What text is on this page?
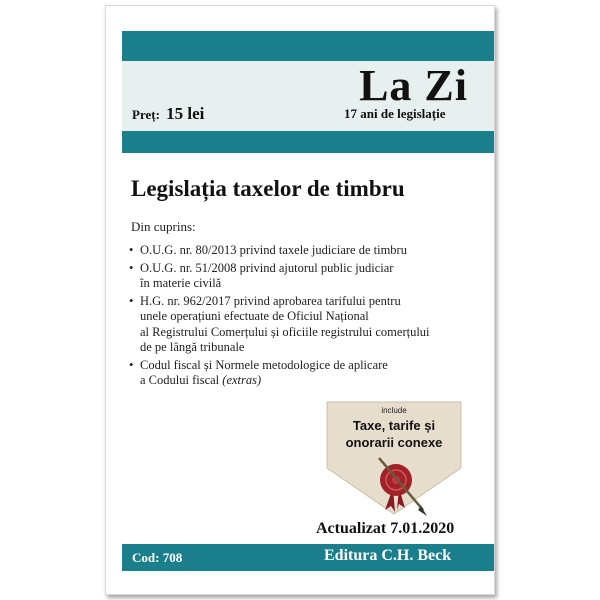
La Zi
17 ani de legislație
Preț: 15 lei
Legislația taxelor de timbru
Din cuprins:
• O.U.G. nr. 80/2013 privind taxele judiciare de timbru
• O.U.G. nr. 51/2008 privind ajutorul public judiciar
în materie civilă
• H.G. nr. 962/2017 privind aprobarea tarifului pentru
unele operațiuni efectuate de Oficiul Național
al Registrului Comerțului și oficiile registrului comerțului
de pe lângă tribunale
• Codul fiscal și Normele metodologice de aplicare
a Codului fiscal (extras)
include
Taxe, tarife și
onorarii conexe
Actualizat 7.01.2020
Cod: 708	Editura C.H. Beck
